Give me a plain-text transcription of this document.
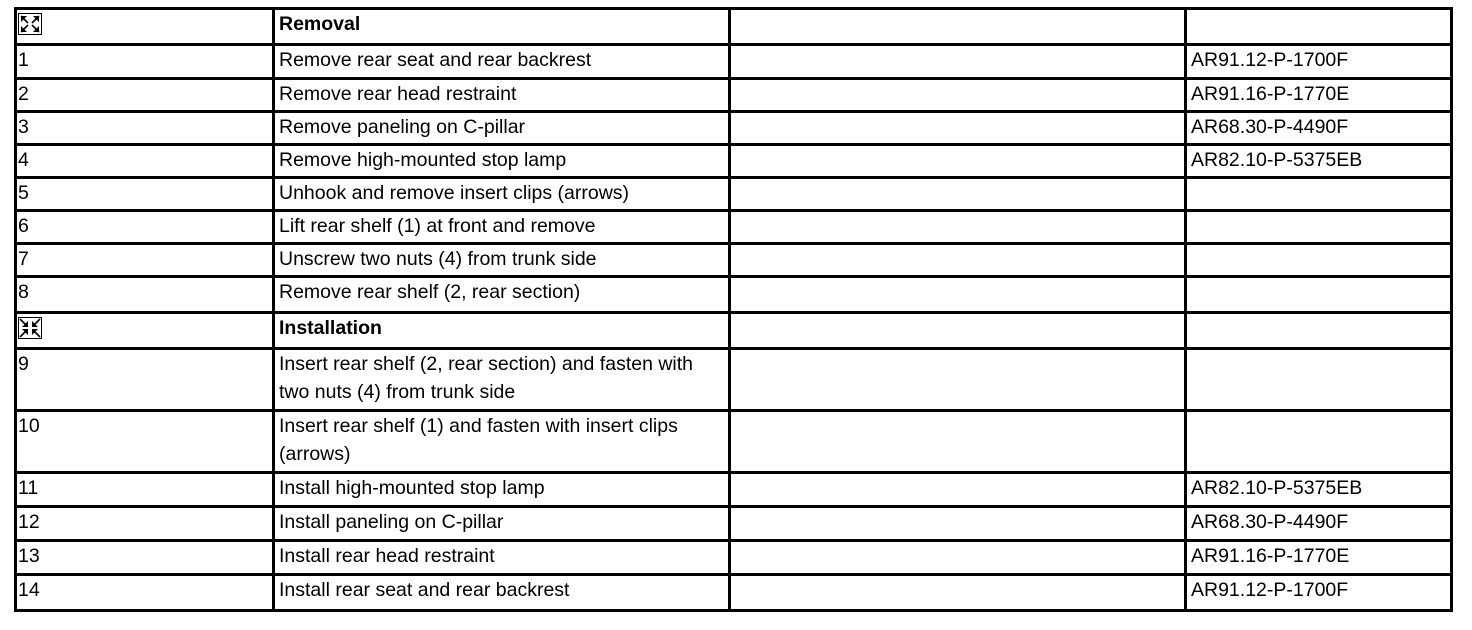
	Removal		
1	Remove rear seat and rear backrest		AR91.12-P-1700F
2	Remove rear head restraint		AR91.16-P-1770E
3	Remove paneling on C-pillar		AR68.30-P-4490F
4	Remove high-mounted stop lamp		AR82.10-P-5375EB
5	Unhook and remove insert clips (arrows)		
6	Lift rear shelf (1) at front and remove		
7	Unscrew two nuts (4) from trunk side		
8	Remove rear shelf (2, rear section)		

	Installation		
9	Insert rear shelf (2, rear section) and fasten with two nuts (4) from trunk side		
10	Insert rear shelf (1) and fasten with insert clips (arrows)		
11	Install high-mounted stop lamp		AR82.10-P-5375EB
12	Install paneling on C-pillar		AR68.30-P-4490F
13	Install rear head restraint		AR91.16-P-1770E
14	Install rear seat and rear backrest		AR91.12-P-1700F
